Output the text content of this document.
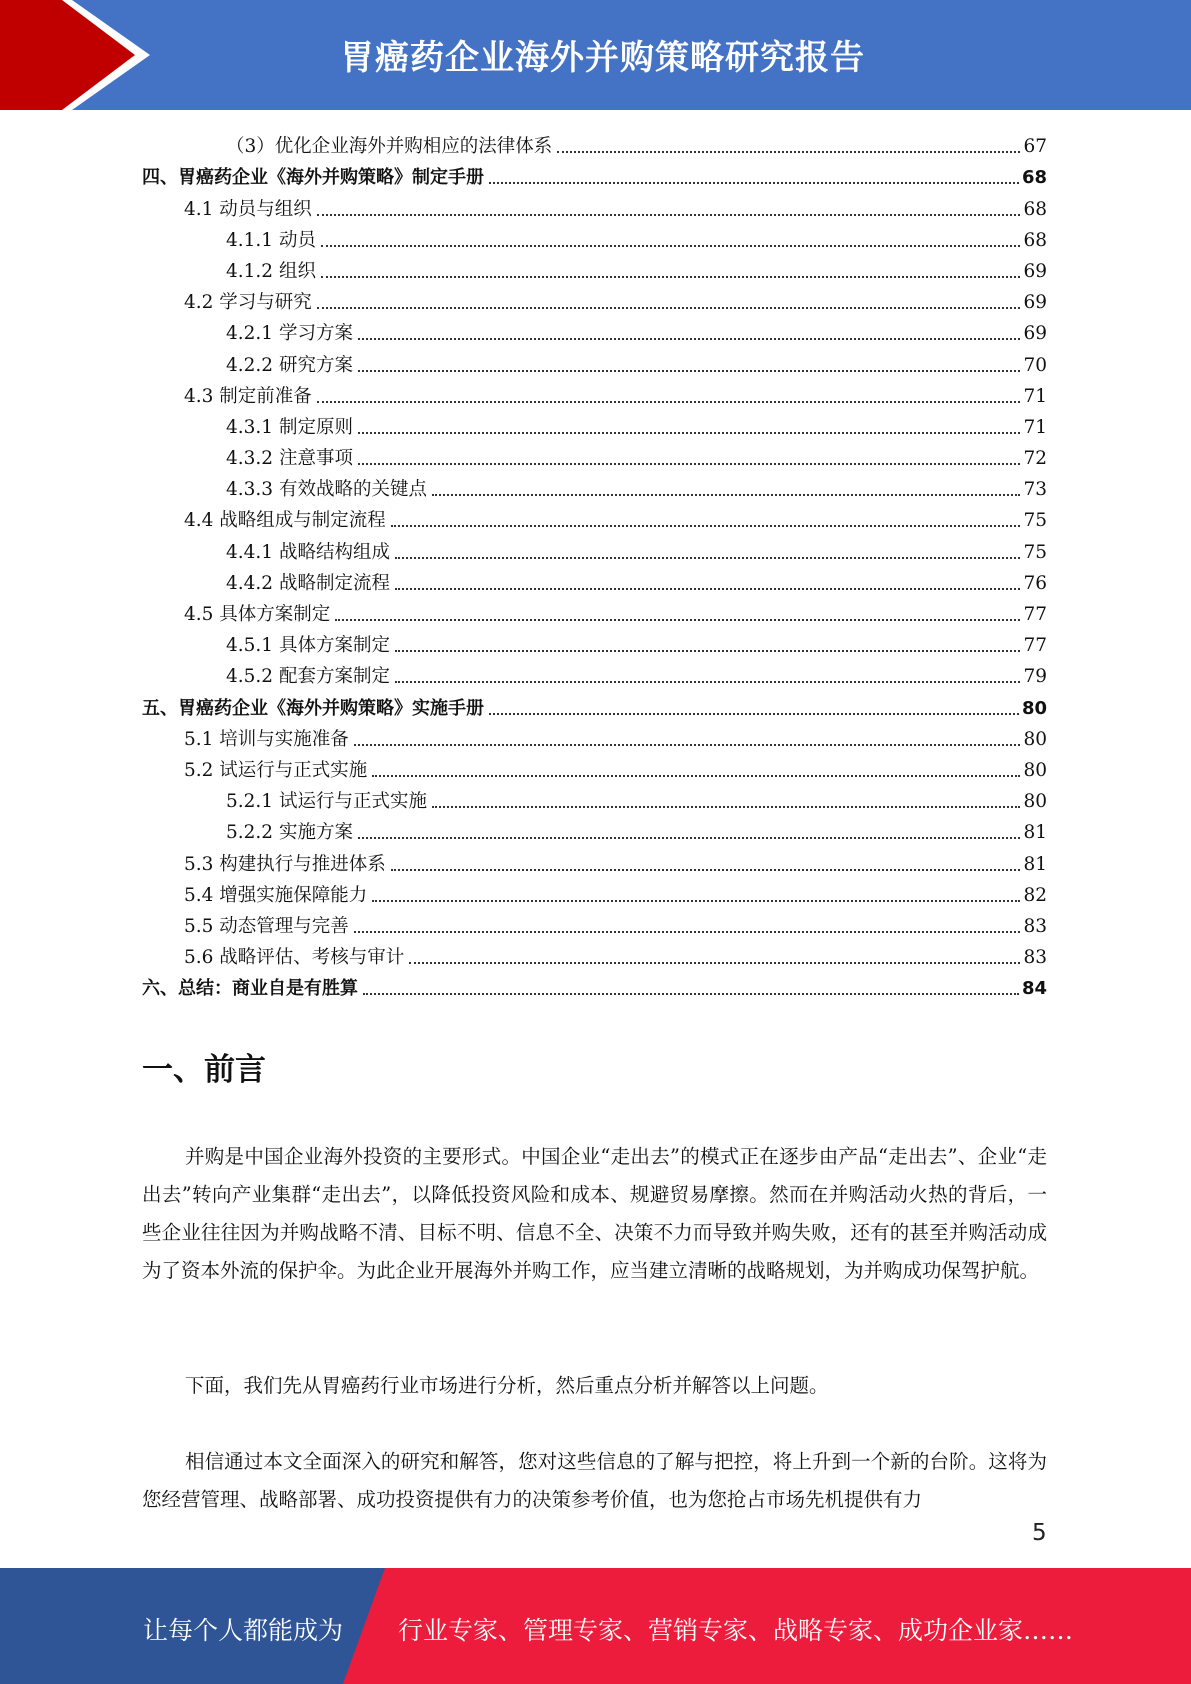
胃癌药企业海外并购策略研究报告
（3）优化企业海外并购相应的法律体系	67
四、胃癌药企业《海外并购策略》制定手册	68
4.1 动员与组织	68
4.1.1 动员	68
4.1.2 组织	69
4.2 学习与研究	69
4.2.1 学习方案	69
4.2.2 研究方案	70
4.3 制定前准备	71
4.3.1 制定原则	71
4.3.2 注意事项	72
4.3.3 有效战略的关键点	73
4.4 战略组成与制定流程	75
4.4.1 战略结构组成	75
4.4.2 战略制定流程	76
4.5 具体方案制定	77
4.5.1 具体方案制定	77
4.5.2 配套方案制定	79
五、胃癌药企业《海外并购策略》实施手册	80
5.1 培训与实施准备	80
5.2 试运行与正式实施	80
5.2.1 试运行与正式实施	80
5.2.2 实施方案	81
5.3 构建执行与推进体系	81
5.4 增强实施保障能力	82
5.5 动态管理与完善	83
5.6 战略评估、考核与审计	83
六、总结：商业自是有胜算	84
一、前言

并购是中国企业海外投资的主要形式。中国企业“走出去”的模式正在逐步由产品“走出去”、企业“走出去”转向产业集群“走出去”，以降低投资风险和成本、规避贸易摩擦。然而在并购活动火热的背后，一些企业往往因为并购战略不清、目标不明、信息不全、决策不力而导致并购失败，还有的甚至并购活动成为了资本外流的保护伞。为此企业开展海外并购工作，应当建立清晰的战略规划，为并购成功保驾护航。

下面，我们先从胃癌药行业市场进行分析，然后重点分析并解答以上问题。

相信通过本文全面深入的研究和解答，您对这些信息的了解与把控，将上升到一个新的台阶。这将为您经营管理、战略部署、成功投资提供有力的决策参考价值，也为您抢占市场先机提供有力

5
让每个人都能成为 行业专家、管理专家、营销专家、战略专家、成功企业家……
